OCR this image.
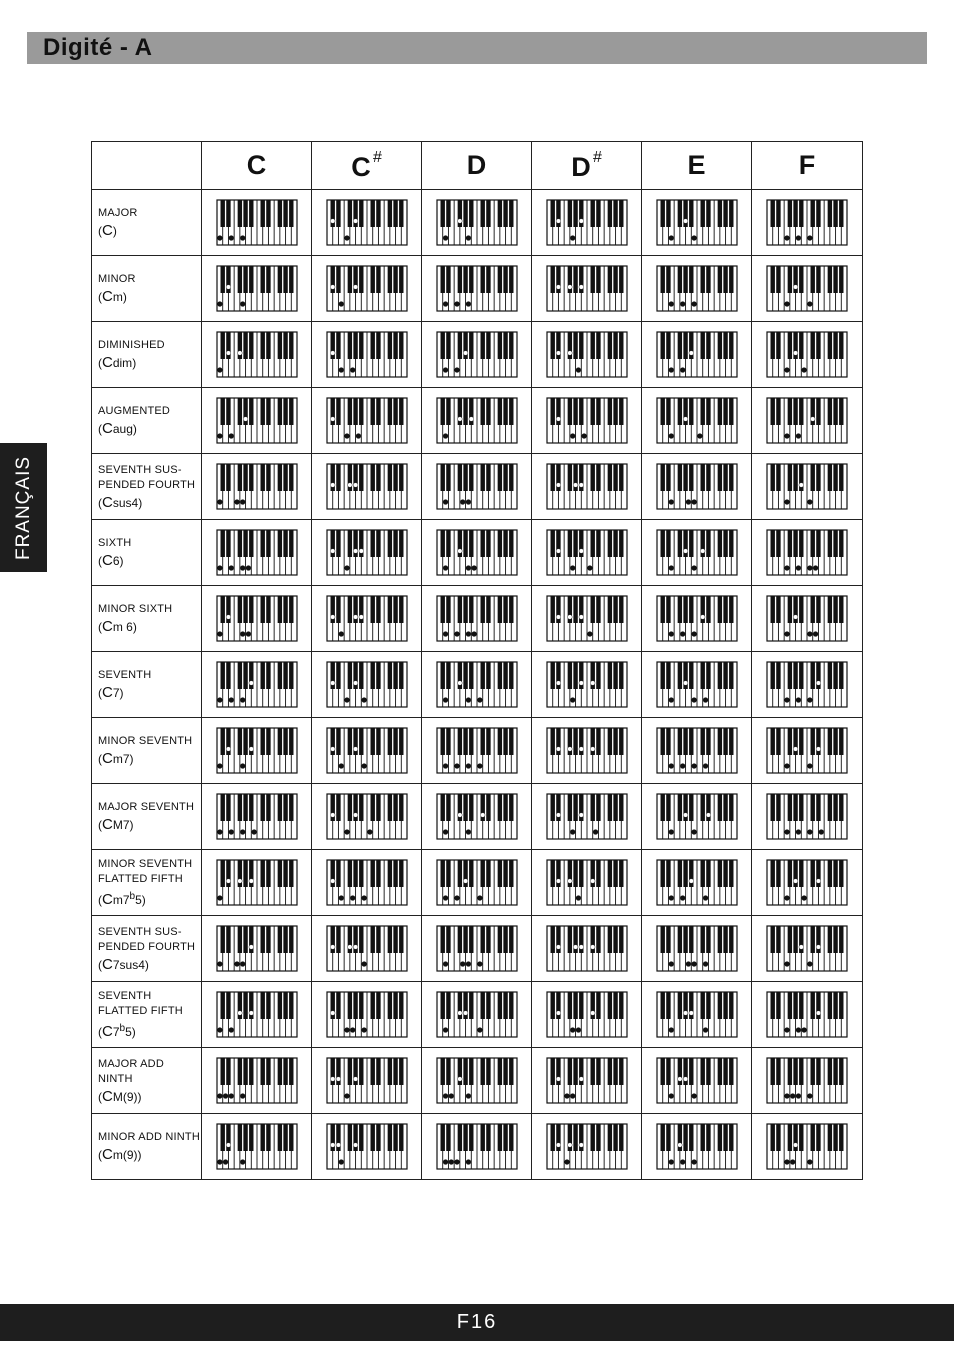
Digité - A
FRANÇAIS
	C	C #	D	D #	E	F

MAJOR
(C)

MINOR
(Cm)

DIMINISHED
(Cdim)

AUGMENTED
(Caug)

SEVENTH SUS-PENDED FOURTH
(Csus4)

SIXTH
(C6)

MINOR SIXTH
(Cm 6)

SEVENTH
(C7)

MINOR SEVENTH
(Cm7)

MAJOR SEVENTH
(CM7)

MINOR SEVENTH FLATTED FIFTH
(Cm7$^b$5)

SEVENTH SUS-PENDED FOURTH
(C7sus4)

SEVENTH FLATTED FIFTH
(C7$^b$5)

MAJOR ADD NINTH
(CM(9))

MINOR ADD NINTH
(Cm(9))

F16
